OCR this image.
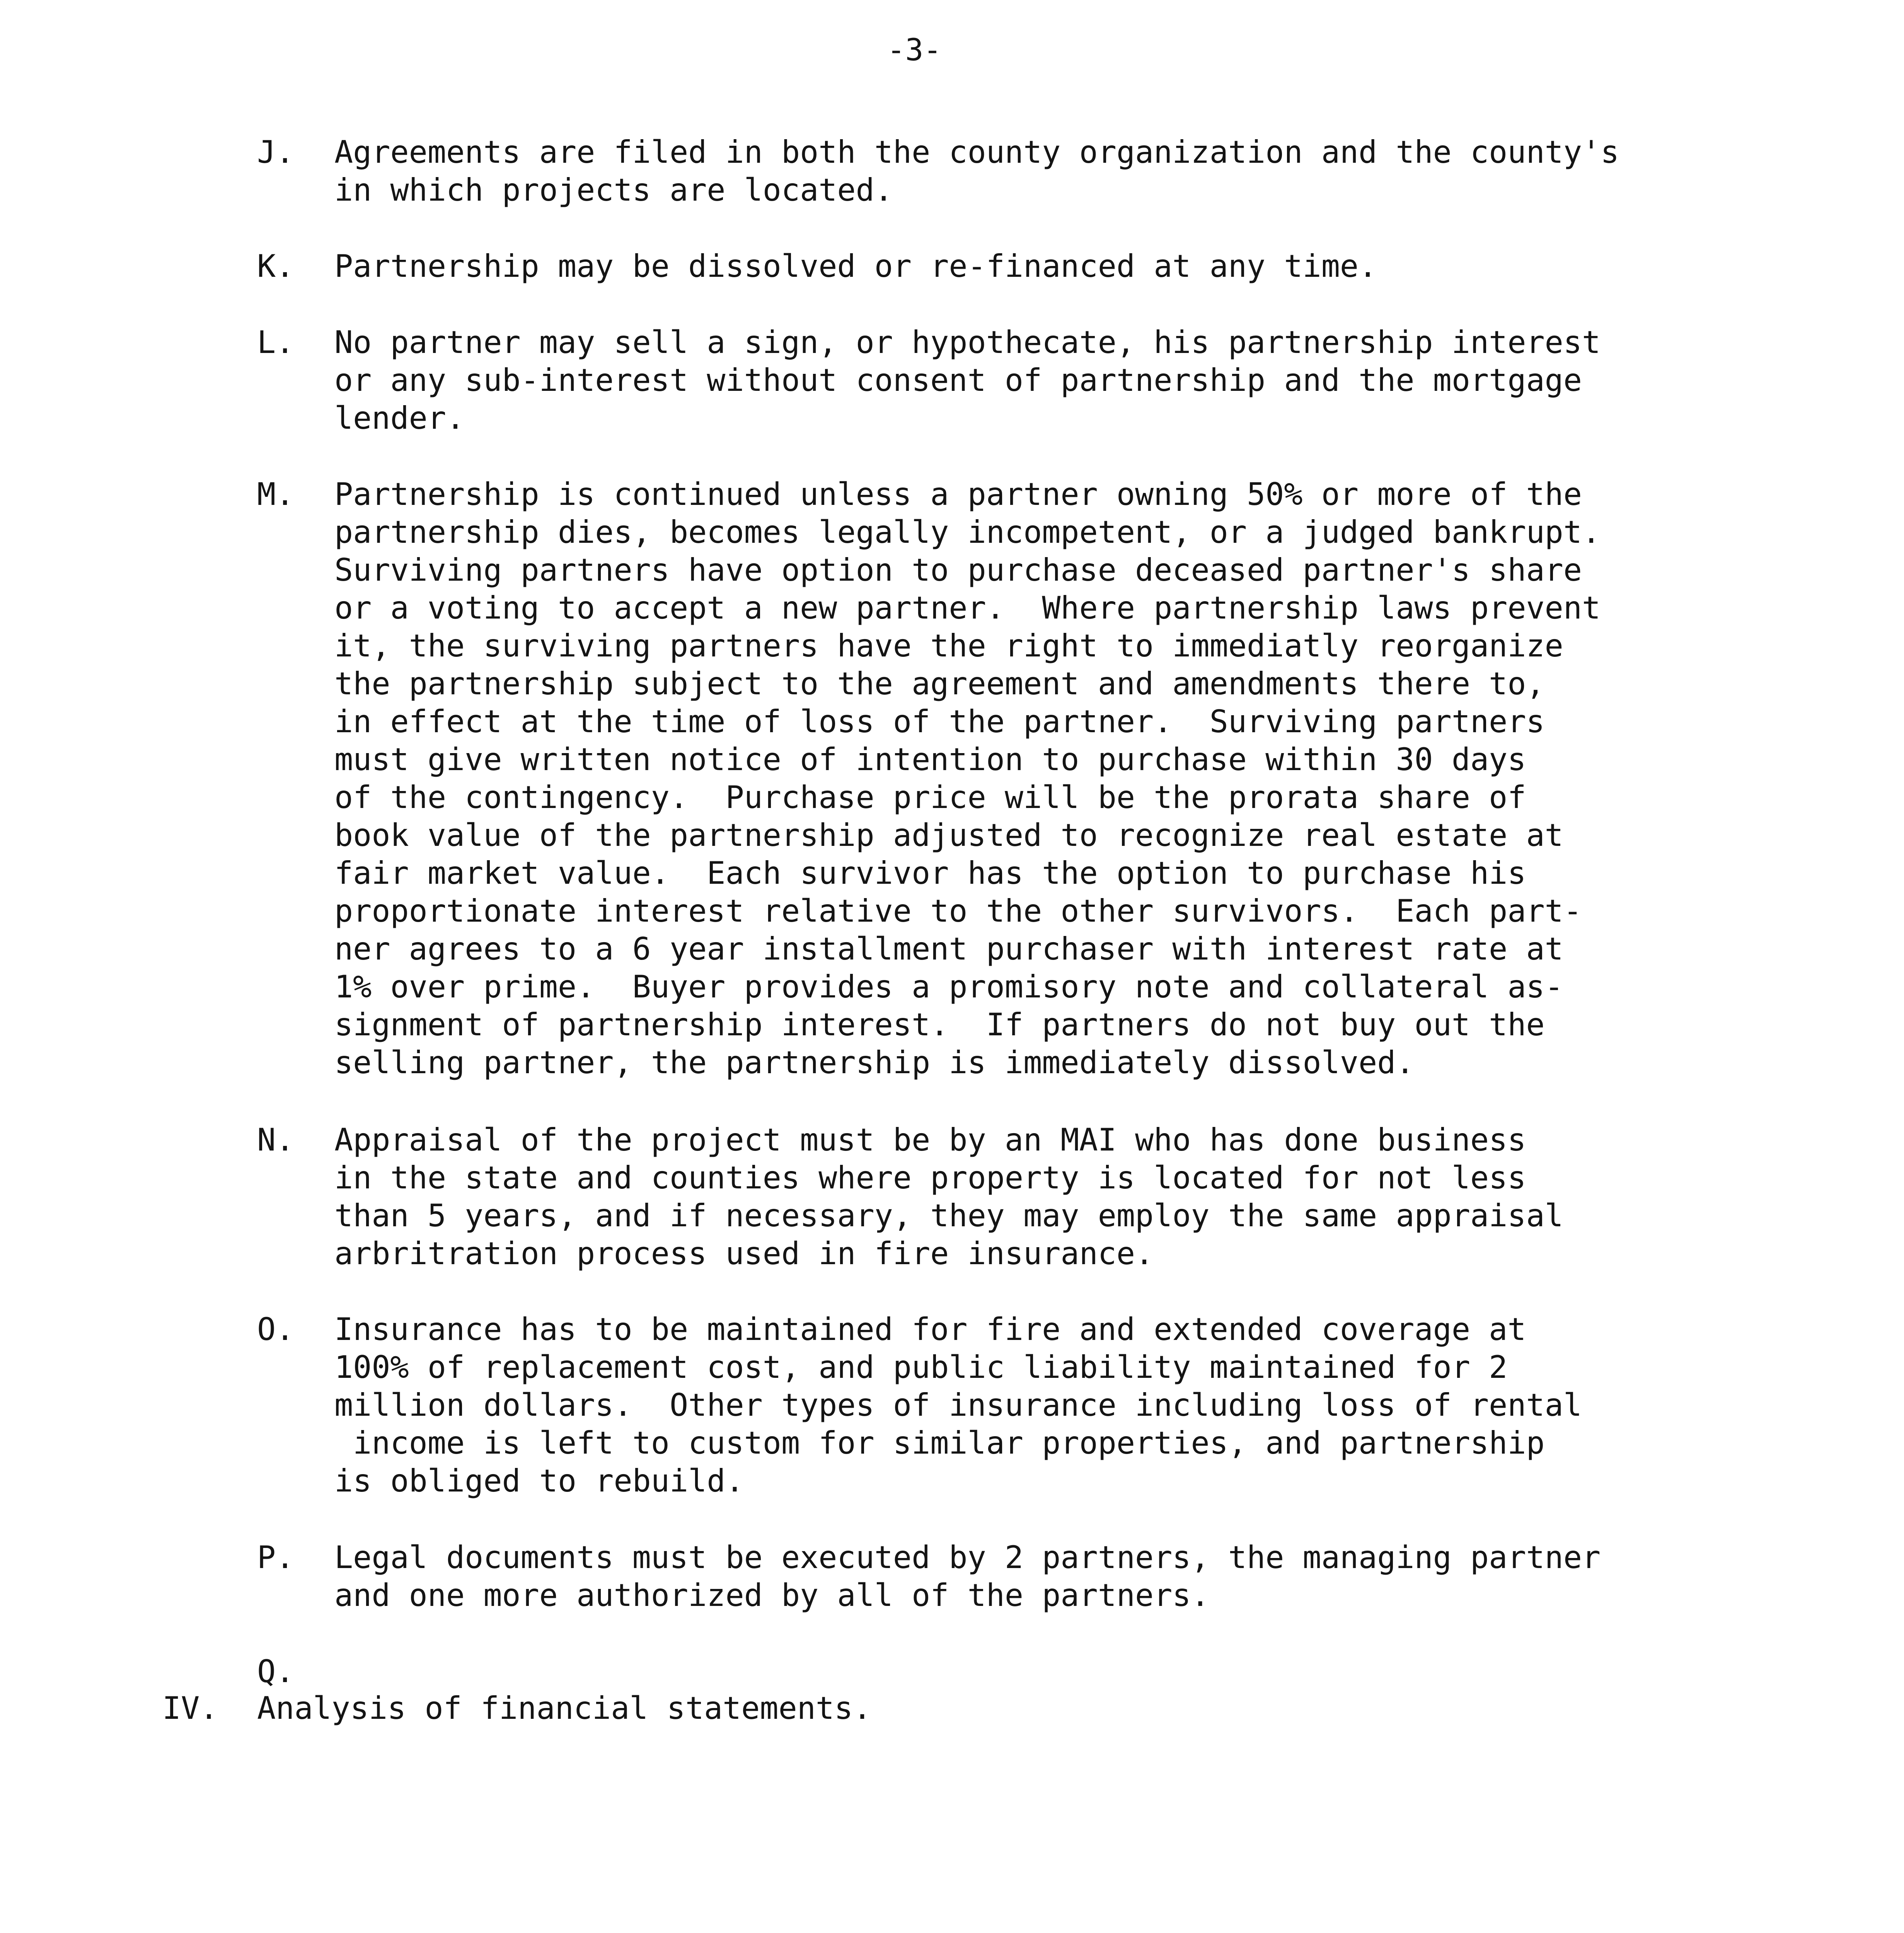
-3-
J. Agreements are filed in both the county organization and the county's
in which projects are located.

K. Partnership may be dissolved or re-financed at any time.

L. No partner may sell a sign, or hypothecate, his partnership interest
or any sub-interest without consent of partnership and the mortgage
lender.

M. Partnership is continued unless a partner owning 50% or more of the
partnership dies, becomes legally incompetent, or a judged bankrupt.
Surviving partners have option to purchase deceased partner's share
or a voting to accept a new partner.  Where partnership laws prevent
it, the surviving partners have the right to immediatly reorganize
the partnership subject to the agreement and amendments there to,
in effect at the time of loss of the partner.  Surviving partners
must give written notice of intention to purchase within 30 days
of the contingency.  Purchase price will be the prorata share of
book value of the partnership adjusted to recognize real estate at
fair market value.  Each survivor has the option to purchase his
proportionate interest relative to the other survivors.  Each part-
ner agrees to a 6 year installment purchaser with interest rate at
1% over prime.  Buyer provides a promisory note and collateral as-
signment of partnership interest.  If partners do not buy out the
selling partner, the partnership is immediately dissolved.

N. Appraisal of the project must be by an MAI who has done business
in the state and counties where property is located for not less
than 5 years, and if necessary, they may employ the same appraisal
arbritration process used in fire insurance.

O. Insurance has to be maintained for fire and extended coverage at
100% of replacement cost, and public liability maintained for 2
million dollars.  Other types of insurance including loss of rental
income is left to custom for similar properties, and partnership
is obliged to rebuild.

P. Legal documents must be executed by 2 partners, the managing partner
and one more authorized by all of the partners.

Q.

IV. Analysis of financial statements.
